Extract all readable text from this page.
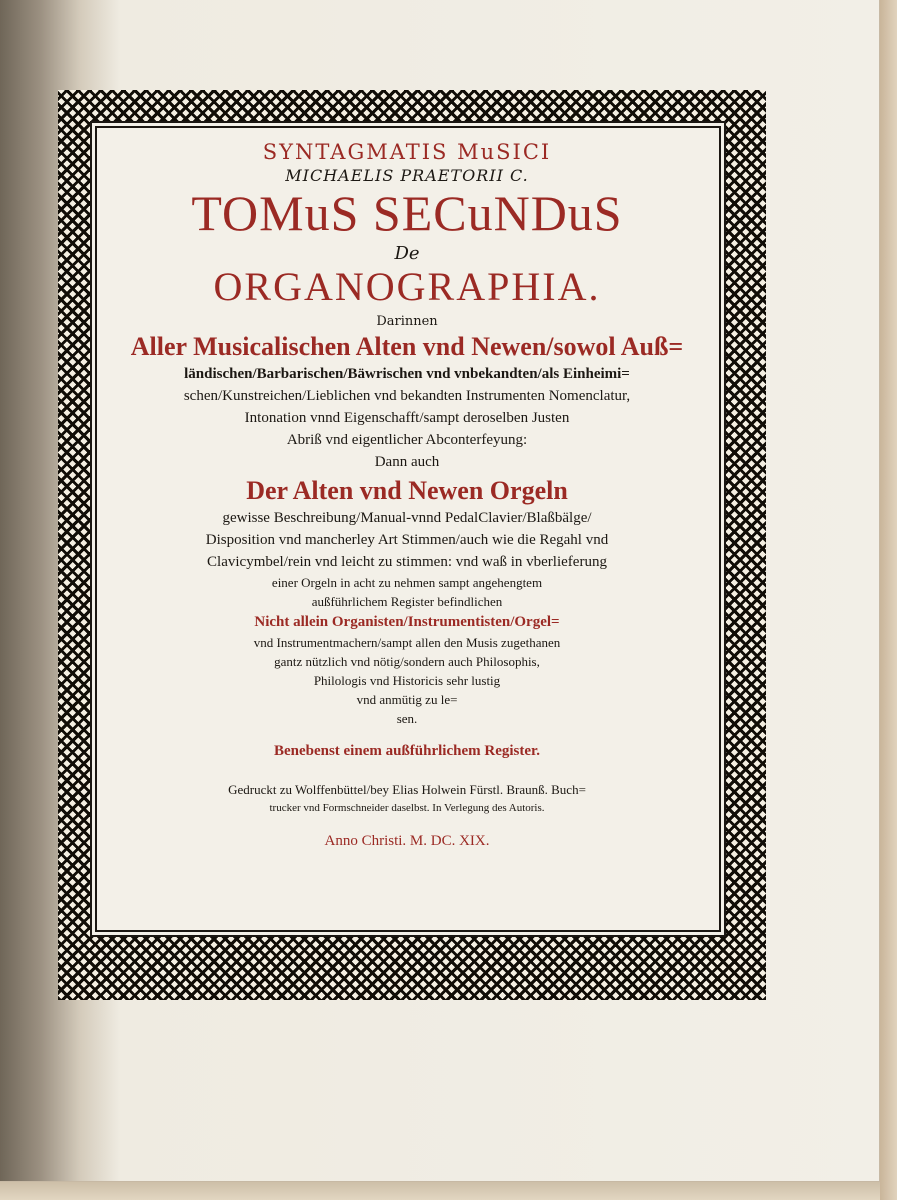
SYNTAGMATIS MuSICI
MICHAELIS PRAETORII C.
TOMuS SECuNDuS
De
ORGANOGRAPHIA.
Darinnen
Aller Musicalischen Alten vnd Newen/sowol Auß=
ländischen/Barbarischen/Bäwrischen vnd vnbekandten/als Einheimi=
schen/Kunstreichen/Lieblichen vnd bekandten Instrumenten Nomenclatur,
Intonation vnnd Eigenschafft/sampt deroselben Justen
Abriß vnd eigentlicher Abconterfeyung:
Dann auch
Der Alten vnd Newen Orgeln
gewisse Beschreibung/Manual-vnnd PedalClavier/Blaßbälge/
Disposition vnd mancherley Art Stimmen/auch wie die Regahl vnd
Clavicymbel/rein vnd leicht zu stimmen: vnd waß in vberlieferung
einer Orgeln in acht zu nehmen sampt angehengtem
außführlichem Register befindlichen
Nicht allein Organisten/Instrumentisten/Orgel=
vnd Instrumentmachern/sampt allen den Musis zugethanen
gantz nützlich vnd nötig/sondern auch Philosophis,
Philologis vnd Historicis sehr lustig
vnd anmütig zu le=
sen.
Benebenst einem außführlichem Register.
Gedruckt zu Wolffenbüttel/bey Elias Holwein Fürstl. Braunß. Buch=
trucker vnd Formschneider daselbst. In Verlegung des Autoris.
Anno Christi. M. DC. XIX.
